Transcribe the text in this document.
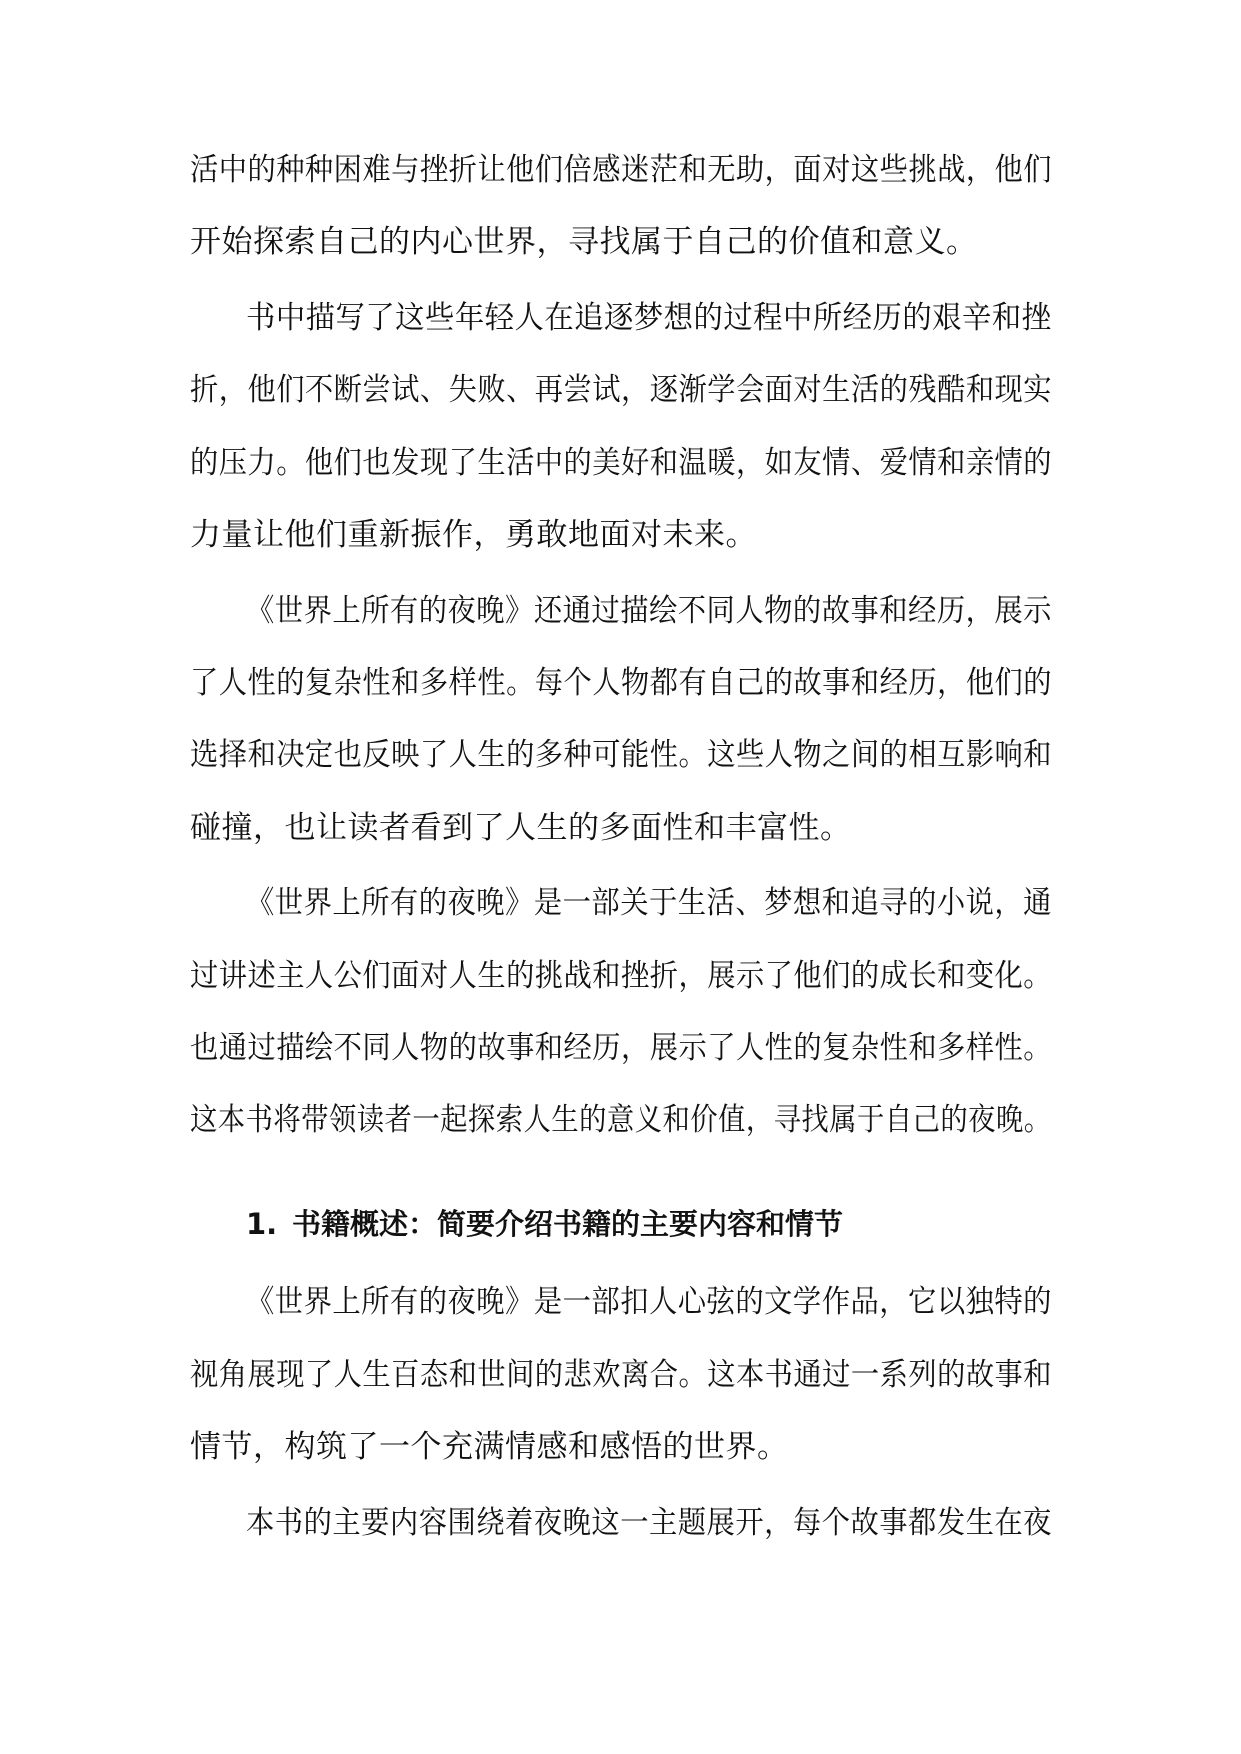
活中的种种困难与挫折让他们倍感迷茫和无助，面对这些挑战，他们
开始探索自己的内心世界，寻找属于自己的价值和意义。
书中描写了这些年轻人在追逐梦想的过程中所经历的艰辛和挫
折，他们不断尝试、失败、再尝试，逐渐学会面对生活的残酷和现实
的压力。他们也发现了生活中的美好和温暖，如友情、爱情和亲情的
力量让他们重新振作，勇敢地面对未来。
《世界上所有的夜晚》还通过描绘不同人物的故事和经历，展示
了人性的复杂性和多样性。每个人物都有自己的故事和经历，他们的
选择和决定也反映了人生的多种可能性。这些人物之间的相互影响和
碰撞，也让读者看到了人生的多面性和丰富性。
《世界上所有的夜晚》是一部关于生活、梦想和追寻的小说，通
过讲述主人公们面对人生的挑战和挫折，展示了他们的成长和变化。
也通过描绘不同人物的故事和经历，展示了人性的复杂性和多样性。
这本书将带领读者一起探索人生的意义和价值，寻找属于自己的夜晚。
1. 书籍概述：简要介绍书籍的主要内容和情节
《世界上所有的夜晚》是一部扣人心弦的文学作品，它以独特的
视角展现了人生百态和世间的悲欢离合。这本书通过一系列的故事和
情节，构筑了一个充满情感和感悟的世界。
本书的主要内容围绕着夜晚这一主题展开，每个故事都发生在夜
